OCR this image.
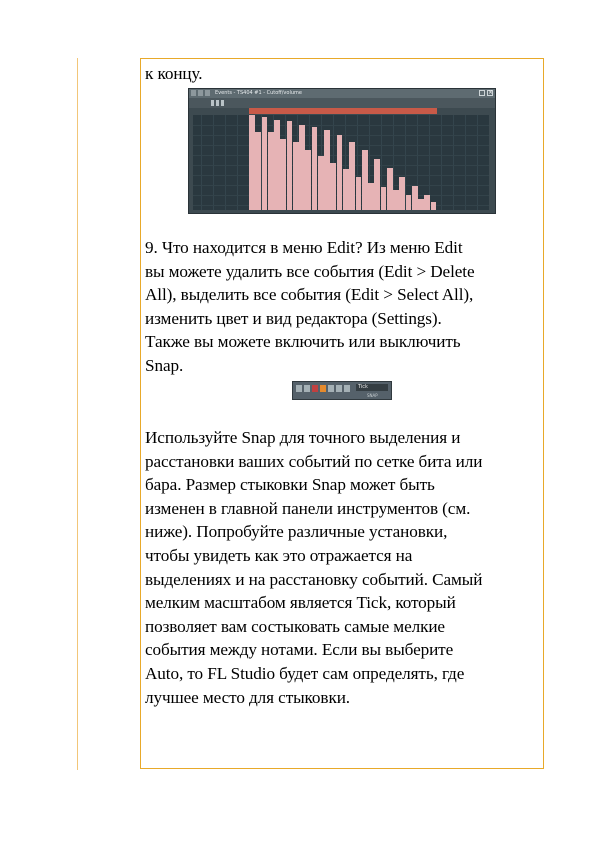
к концу.
Events - TS404 #1 - Cutoff/volume	×
9. Что находится в меню Edit? Из меню Edit
вы можете удалить все события (Edit > Delete
All), выделить все события (Edit > Select All),
изменить цвет и вид редактора (Settings).
Также вы можете включить или выключить
Snap.
Tick
SNAP
Используйте Snap для точного выделения и
расстановки ваших событий по сетке бита или
бара. Размер стыковки Snap может быть
изменен в главной панели инструментов (см.
ниже). Попробуйте различные установки,
чтобы увидеть как это отражается на
выделениях и на расстановку событий. Самый
мелким масштабом является Tick, который
позволяет вам состыковать самые мелкие
события между нотами. Если вы выберите
Auto, то FL Studio будет сам определять, где
лучшее место для стыковки.
